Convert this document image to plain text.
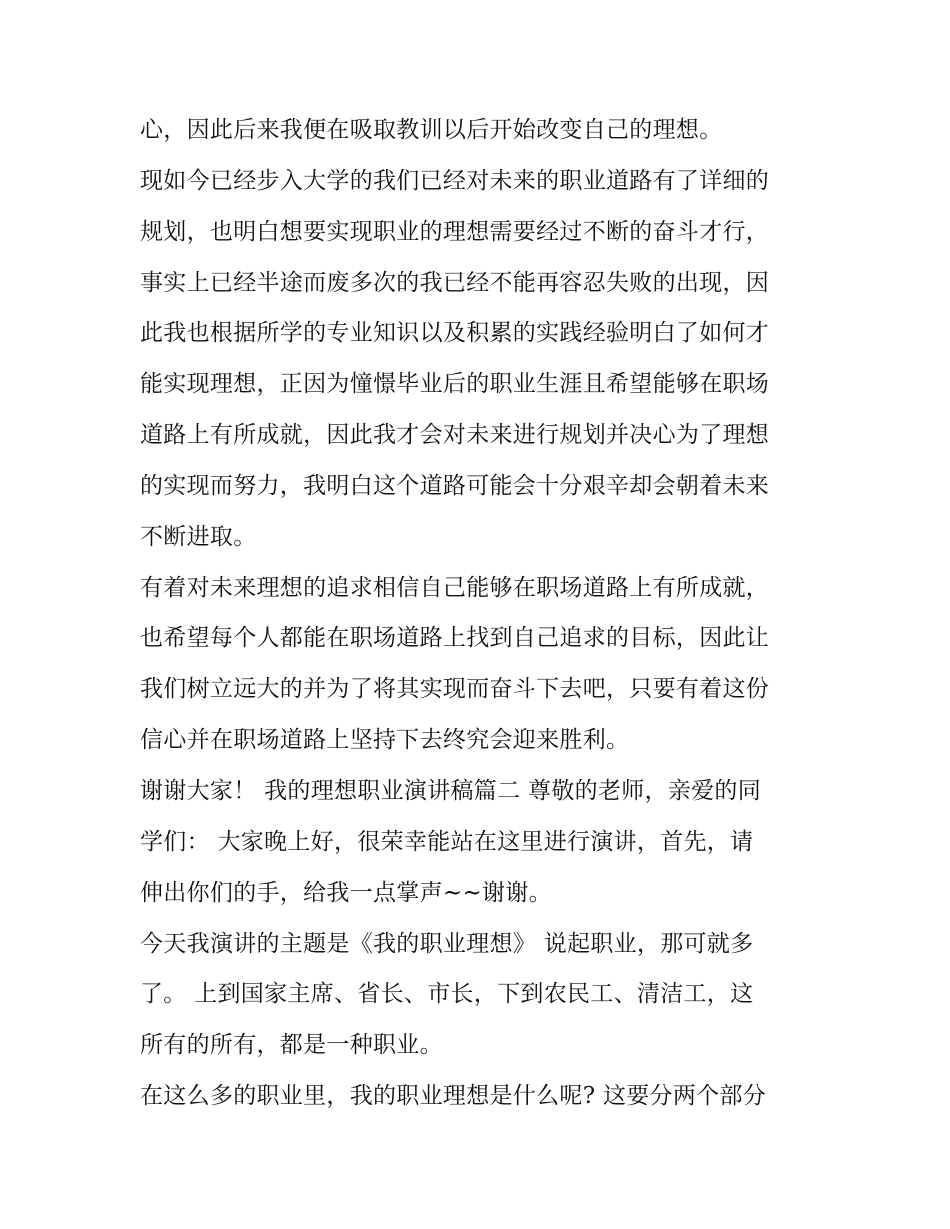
心，因此后来我便在吸取教训以后开始改变自己的理想。
现如今已经步入大学的我们已经对未来的职业道路有了详细的
规划，也明白想要实现职业的理想需要经过不断的奋斗才行，
事实上已经半途而废多次的我已经不能再容忍失败的出现，因
此我也根据所学的专业知识以及积累的实践经验明白了如何才
能实现理想，正因为憧憬毕业后的职业生涯且希望能够在职场
道路上有所成就，因此我才会对未来进行规划并决心为了理想
的实现而努力，我明白这个道路可能会十分艰辛却会朝着未来
不断进取。
有着对未来理想的追求相信自己能够在职场道路上有所成就，
也希望每个人都能在职场道路上找到自己追求的目标，因此让
我们树立远大的并为了将其实现而奋斗下去吧，只要有着这份
信心并在职场道路上坚持下去终究会迎来胜利。
谢谢大家！ 我的理想职业演讲稿篇二 尊敬的老师，亲爱的同
学们： 大家晚上好，很荣幸能站在这里进行演讲，首先，请
伸出你们的手，给我一点掌声~~谢谢。
今天我演讲的主题是《我的职业理想》 说起职业，那可就多
了。 上到国家主席、省长、市长，下到农民工、清洁工，这
所有的所有，都是一种职业。
在这么多的职业里，我的职业理想是什么呢? 这要分两个部分
